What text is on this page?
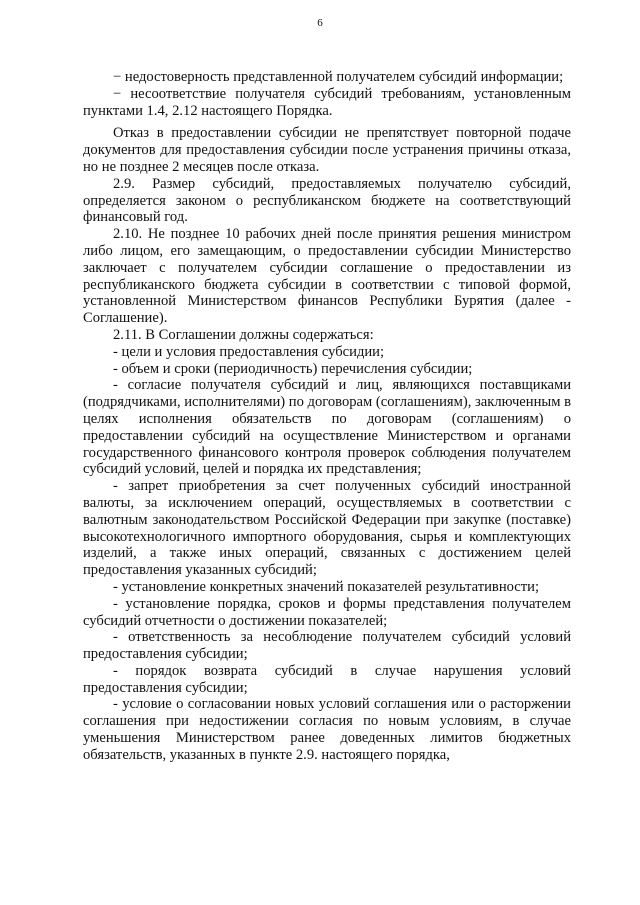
6

− недостоверность представленной получателем субсидий информации;

− несоответствие получателя субсидий требованиям, установленным пунктами 1.4, 2.12 настоящего Порядка.

Отказ в предоставлении субсидии не препятствует повторной подаче документов для предоставления субсидии после устранения причины отказа, но не позднее 2 месяцев после отказа.

2.9. Размер субсидий, предоставляемых получателю субсидий, определяется законом о республиканском бюджете на соответствующий финансовый год.

2.10. Не позднее 10 рабочих дней после принятия решения министром либо лицом, его замещающим, о предоставлении субсидии Министерство заключает с получателем субсидии соглашение о предоставлении из республиканского бюджета субсидии в соответствии с типовой формой, установленной Министерством финансов Республики Бурятия (далее - Соглашение).

2.11. В Соглашении должны содержаться:

- цели и условия предоставления субсидии;

- объем и сроки (периодичность) перечисления субсидии;

- согласие получателя субсидий и лиц, являющихся поставщиками (подрядчиками, исполнителями) по договорам (соглашениям), заключенным в целях исполнения обязательств по договорам (соглашениям) о предоставлении субсидий на осуществление Министерством и органами государственного финансового контроля проверок соблюдения получателем субсидий условий, целей и порядка их представления;

- запрет приобретения за счет полученных субсидий иностранной валюты, за исключением операций, осуществляемых в соответствии с валютным законодательством Российской Федерации при закупке (поставке) высокотехнологичного импортного оборудования, сырья и комплектующих изделий, а также иных операций, связанных с достижением целей предоставления указанных субсидий;

- установление конкретных значений показателей результативности;

- установление порядка, сроков и формы представления получателем субсидий отчетности о достижении показателей;

- ответственность за несоблюдение получателем субсидий условий предоставления субсидии;

- порядок возврата субсидий в случае нарушения условий предоставления субсидии;

- условие о согласовании новых условий соглашения или о расторжении соглашения при недостижении согласия по новым условиям, в случае уменьшения Министерством ранее доведенных лимитов бюджетных обязательств, указанных в пункте 2.9. настоящего порядка,
